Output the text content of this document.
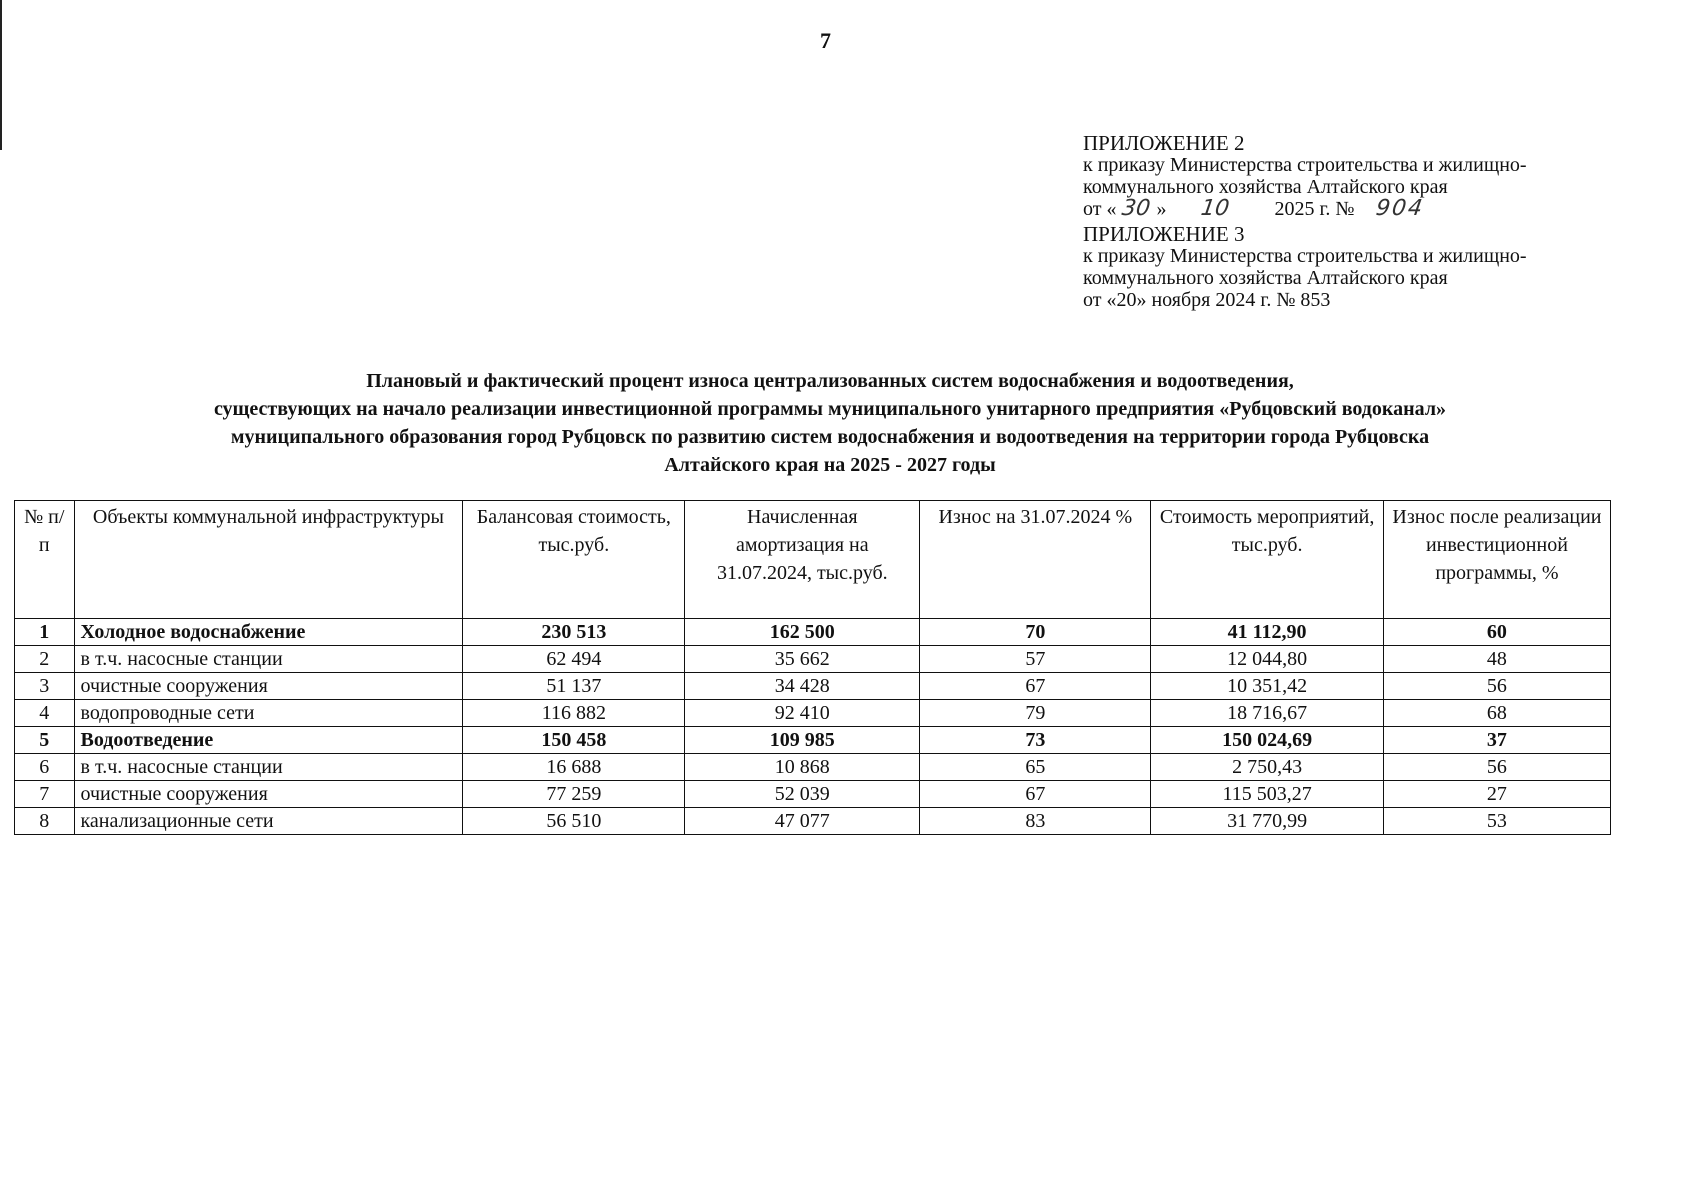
7
ПРИЛОЖЕНИЕ 2
к приказу Министерства строительства и жилищно-
коммунального хозяйства Алтайского края
от « 30 » 10 2025 г. № 904
ПРИЛОЖЕНИЕ 3
к приказу Министерства строительства и жилищно-
коммунального хозяйства Алтайского края
от «20» ноября 2024 г. № 853
Плановый и фактический процент износа централизованных систем водоснабжения и водоотведения,
существующих на начало реализации инвестиционной программы муниципального унитарного предприятия «Рубцовский водоканал»
муниципального образования город Рубцовск по развитию систем водоснабжения и водоотведения на территории города Рубцовска
Алтайского края на 2025 - 2027 годы
№ п/п	Объекты коммунальной инфраструктуры	Балансовая стоимость, тыс.руб.	Начисленная амортизация на 31.07.2024, тыс.руб.	Износ на 31.07.2024 %	Стоимость мероприятий, тыс.руб.	Износ после реализации инвестиционной программы, %
1	Холодное водоснабжение	230 513	162 500	70	41 112,90	60
2	в т.ч. насосные станции	62 494	35 662	57	12 044,80	48
3	очистные сооружения	51 137	34 428	67	10 351,42	56
4	водопроводные сети	116 882	92 410	79	18 716,67	68
5	Водоотведение	150 458	109 985	73	150 024,69	37
6	в т.ч. насосные станции	16 688	10 868	65	2 750,43	56
7	очистные сооружения	77 259	52 039	67	115 503,27	27
8	канализационные сети	56 510	47 077	83	31 770,99	53
